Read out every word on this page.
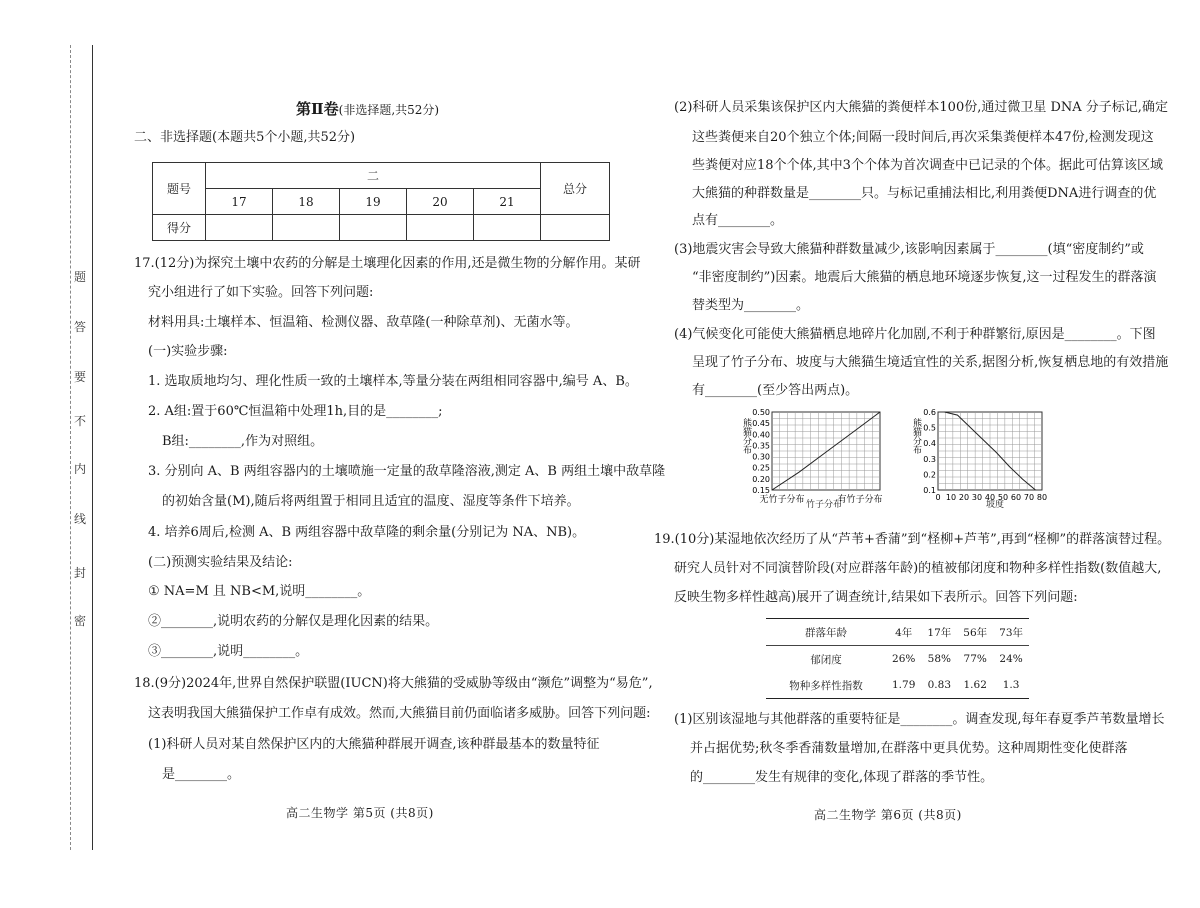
题
答
要
不
内
线
封
密
第Ⅱ卷(非选择题,共52分)
二、非选择题(本题共5个小题,共52分)
题号	二					总分
	17	18	19	20	21	
得分						
17.(12分)为探究土壤中农药的分解是土壤理化因素的作用,还是微生物的分解作用。某研
究小组进行了如下实验。回答下列问题:
材料用具:土壤样本、恒温箱、检测仪器、敌草隆(一种除草剂)、无菌水等。
(一)实验步骤:
1. 选取质地均匀、理化性质一致的土壤样本,等量分装在两组相同容器中,编号 A、B。
2. A组:置于60℃恒温箱中处理1h,目的是________;
B组:________,作为对照组。
3. 分别向 A、B 两组容器内的土壤喷施一定量的敌草隆溶液,测定 A、B 两组土壤中敌草隆
的初始含量(M),随后将两组置于相同且适宜的温度、湿度等条件下培养。
4. 培养6周后,检测 A、B 两组容器中敌草隆的剩余量(分别记为 NA、NB)。
(二)预测实验结果及结论:
① NA=M 且 NB<M,说明________。
②________,说明农药的分解仅是理化因素的结果。
③________,说明________。
18.(9分)2024年,世界自然保护联盟(IUCN)将大熊猫的受威胁等级由“濒危”调整为“易危”,
这表明我国大熊猫保护工作卓有成效。然而,大熊猫目前仍面临诸多威胁。回答下列问题:
(1)科研人员对某自然保护区内的大熊猫种群展开调查,该种群最基本的数量特征
是________。
高二生物学 第5页 (共8页)
(2)科研人员采集该保护区内大熊猫的粪便样本100份,通过微卫星 DNA 分子标记,确定
这些粪便来自20个独立个体;间隔一段时间后,再次采集粪便样本47份,检测发现这
些粪便对应18个个体,其中3个个体为首次调查中已记录的个体。据此可估算该区域
大熊猫的种群数量是________只。与标记重捕法相比,利用粪便DNA进行调查的优
点有________。
(3)地震灾害会导致大熊猫种群数量减少,该影响因素属于________(填“密度制约”或
“非密度制约”)因素。地震后大熊猫的栖息地环境逐步恢复,这一过程发生的群落演
替类型为________。
(4)气候变化可能使大熊猫栖息地碎片化加剧,不利于种群繁衍,原因是________。下图
呈现了竹子分布、坡度与大熊猫生境适宜性的关系,据图分析,恢复栖息地的有效措施
有________(至少答出两点)。
熊猫分布
0.50
0.45
0.40
0.35
0.30
0.25
0.20
0.15
无竹子分布	有竹子分布
竹子分布
熊猫分布
0.6
0.5
0.4
0.3
0.2
0.1
0 10 20 30 40 50 60 70 80
坡度
19.(10分)某湿地依次经历了从“芦苇+香蒲”到“柽柳+芦苇”,再到“柽柳”的群落演替过程。
研究人员针对不同演替阶段(对应群落年龄)的植被郁闭度和物种多样性指数(数值越大,
反映生物多样性越高)展开了调查统计,结果如下表所示。回答下列问题:
群落年龄	4年	17年	56年	73年
郁闭度	26%	58%	77%	24%
物种多样性指数	1.79	0.83	1.62	1.3
(1)区别该湿地与其他群落的重要特征是________。调查发现,每年春夏季芦苇数量增长
并占据优势;秋冬季香蒲数量增加,在群落中更具优势。这种周期性变化使群落
的________发生有规律的变化,体现了群落的季节性。
高二生物学 第6页 (共8页)
